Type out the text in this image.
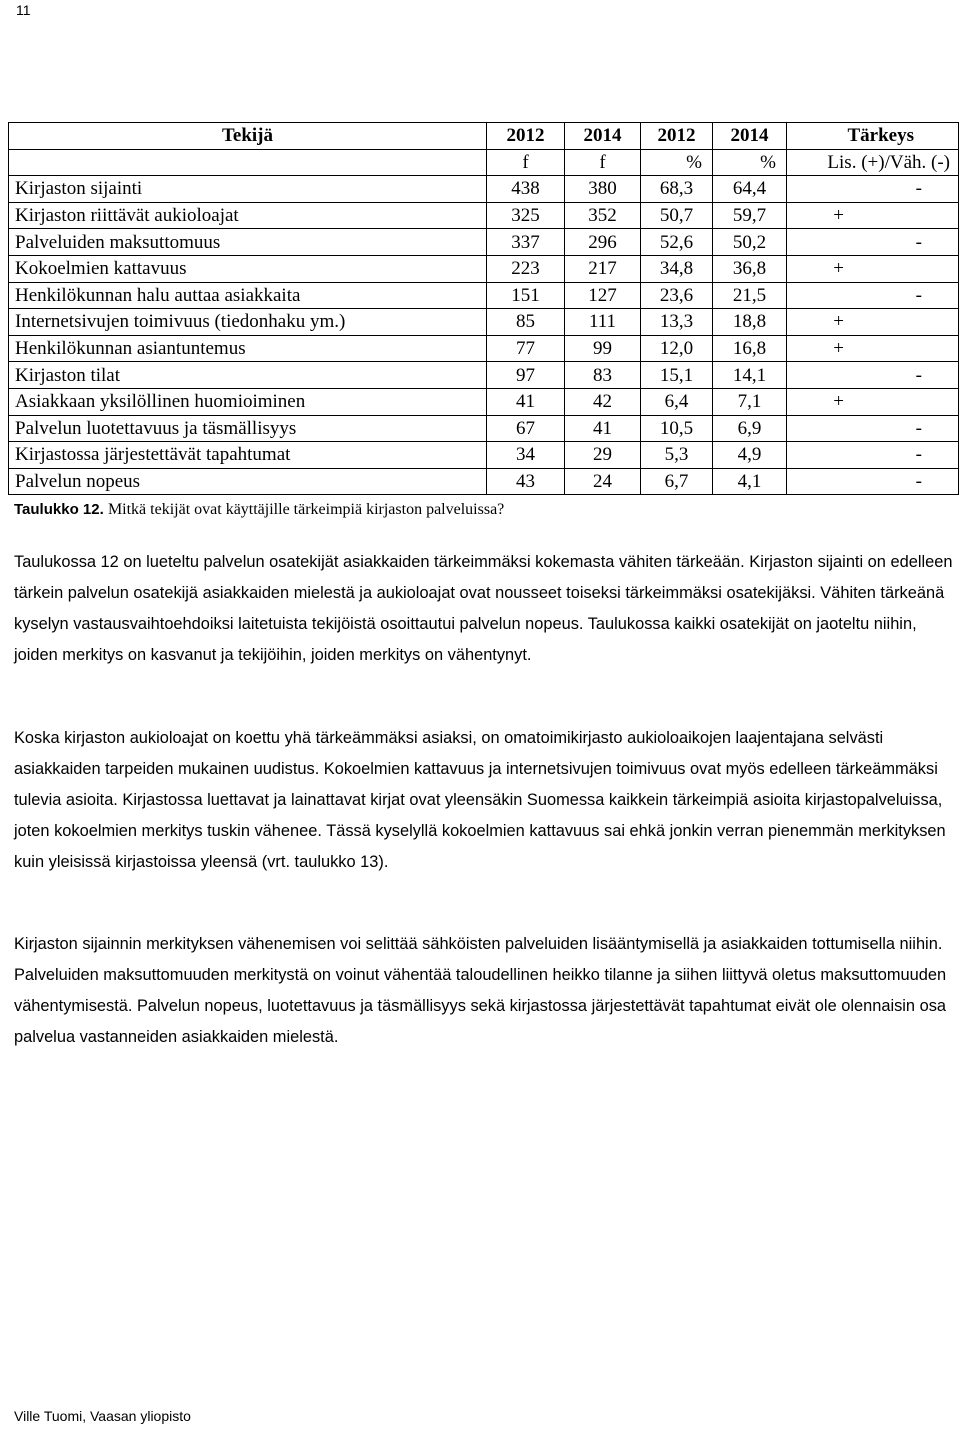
11
Tekijä	2012	2014	2012	2014	Tärkeys
	f	f	%	%	Lis. (+)/Väh. (-)
Kirjaston sijainti	438	380	68,3	64,4	-
Kirjaston riittävät aukioloajat	325	352	50,7	59,7	+
Palveluiden maksuttomuus	337	296	52,6	50,2	-
Kokoelmien kattavuus	223	217	34,8	36,8	+
Henkilökunnan halu auttaa asiakkaita	151	127	23,6	21,5	-
Internetsivujen toimivuus (tiedonhaku ym.)	85	111	13,3	18,8	+
Henkilökunnan asiantuntemus	77	99	12,0	16,8	+
Kirjaston tilat	97	83	15,1	14,1	-
Asiakkaan yksilöllinen huomioiminen	41	42	6,4	7,1	+
Palvelun luotettavuus ja täsmällisyys	67	41	10,5	6,9	-
Kirjastossa järjestettävät tapahtumat	34	29	5,3	4,9	-
Palvelun nopeus	43	24	6,7	4,1	-
Taulukko 12. Mitkä tekijät ovat käyttäjille tärkeimpiä kirjaston palveluissa?

Taulukossa 12 on lueteltu palvelun osatekijät asiakkaiden tärkeimmäksi kokemasta vähiten tärkeään. Kirjaston sijainti on edelleen tärkein palvelun osatekijä asiakkaiden mielestä ja aukioloajat ovat nousseet toiseksi tärkeimmäksi osatekijäksi. Vähiten tärkeänä kyselyn vastausvaihtoehdoiksi laitetuista tekijöistä osoittautui palvelun nopeus. Taulukossa kaikki osatekijät on jaoteltu niihin, joiden merkitys on kasvanut ja tekijöihin, joiden merkitys on vähentynyt.

Koska kirjaston aukioloajat on koettu yhä tärkeämmäksi asiaksi, on omatoimikirjasto aukioloaikojen laajentajana selvästi asiakkaiden tarpeiden mukainen uudistus. Kokoelmien kattavuus ja internetsivujen toimivuus ovat myös edelleen tärkeämmäksi tulevia asioita. Kirjastossa luettavat ja lainattavat kirjat ovat yleensäkin Suomessa kaikkein tärkeimpiä asioita kirjastopalveluissa, joten kokoelmien merkitys tuskin vähenee. Tässä kyselyllä kokoelmien kattavuus sai ehkä jonkin verran pienemmän merkityksen kuin yleisissä kirjastoissa yleensä (vrt. taulukko 13).

Kirjaston sijainnin merkityksen vähenemisen voi selittää sähköisten palveluiden lisääntymisellä ja asiakkaiden tottumisella niihin. Palveluiden maksuttomuuden merkitystä on voinut vähentää taloudellinen heikko tilanne ja siihen liittyvä oletus maksuttomuuden vähentymisestä. Palvelun nopeus, luotettavuus ja täsmällisyys sekä kirjastossa järjestettävät tapahtumat eivät ole olennaisin osa palvelua vastanneiden asiakkaiden mielestä.

Ville Tuomi, Vaasan yliopisto
